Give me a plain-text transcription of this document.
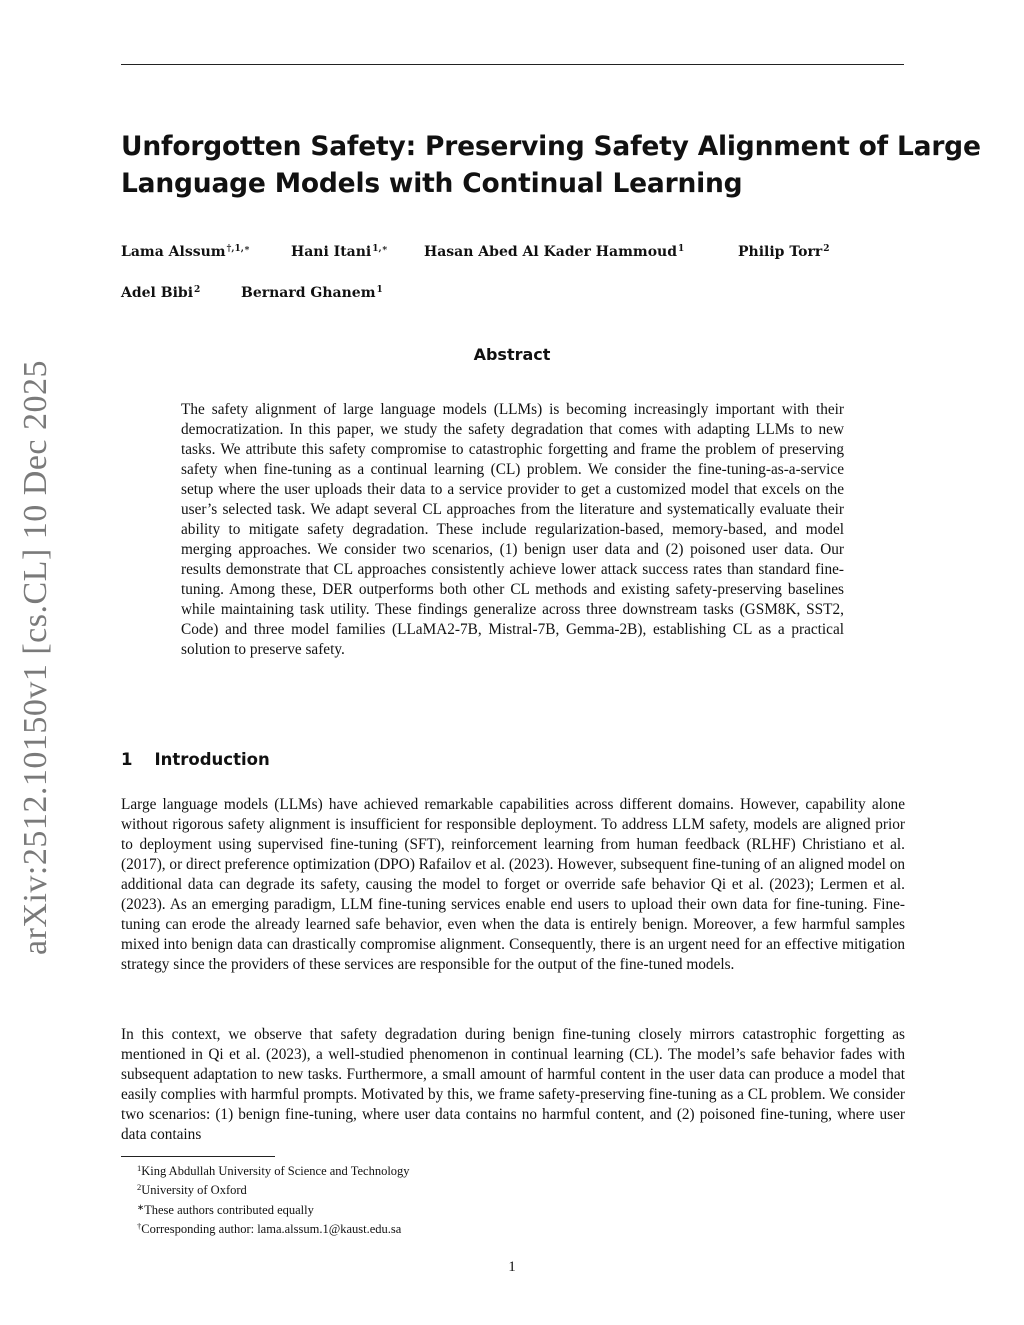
arXiv:2512.10150v1 [cs.CL] 10 Dec 2025
Unforgotten Safety: Preserving Safety Alignment of Large
Language Models with Continual Learning
Lama Alssum$^{\dagger,1,∗}$	Hani Itani$^{1,∗}$	Hasan Abed Al Kader Hammoud$^1$	Philip Torr$^2$
Adel Bibi$^2$	Bernard Ghanem$^1$
Abstract
The safety alignment of large language models (LLMs) is becoming increasingly important with their democratization. In this paper, we study the safety degradation that comes with adapting LLMs to new tasks. We attribute this safety compromise to catastrophic forgetting and frame the problem of preserving safety when fine-tuning as a continual learning (CL) problem. We consider the fine-tuning-as-a-service setup where the user uploads their data to a service provider to get a customized model that excels on the user’s selected task. We adapt several CL approaches from the literature and systematically evaluate their ability to mitigate safety degradation. These include regularization-based, memory-based, and model merging approaches. We consider two scenarios, (1) benign user data and (2) poisoned user data. Our results demonstrate that CL approaches consistently achieve lower attack success rates than standard fine-tuning. Among these, DER outperforms both other CL methods and existing safety-preserving baselines while maintaining task utility. These findings generalize across three downstream tasks (GSM8K, SST2, Code) and three model families (LLaMA2-7B, Mistral-7B, Gemma-2B), establishing CL as a practical solution to preserve safety.
1 Introduction
Large language models (LLMs) have achieved remarkable capabilities across different domains. However, capability alone without rigorous safety alignment is insufficient for responsible deployment. To address LLM safety, models are aligned prior to deployment using supervised fine-tuning (SFT), reinforcement learning from human feedback (RLHF) Christiano et al. (2017), or direct preference optimization (DPO) Rafailov et al. (2023). However, subsequent fine-tuning of an aligned model on additional data can degrade its safety, causing the model to forget or override safe behavior Qi et al. (2023); Lermen et al. (2023). As an emerging paradigm, LLM fine-tuning services enable end users to upload their own data for fine-tuning. Fine-tuning can erode the already learned safe behavior, even when the data is entirely benign. Moreover, a few harmful samples mixed into benign data can drastically compromise alignment. Consequently, there is an urgent need for an effective mitigation strategy since the providers of these services are responsible for the output of the fine-tuned models.
In this context, we observe that safety degradation during benign fine-tuning closely mirrors catastrophic forgetting as mentioned in Qi et al. (2023), a well-studied phenomenon in continual learning (CL). The model’s safe behavior fades with subsequent adaptation to new tasks. Furthermore, a small amount of harmful content in the user data can produce a model that easily complies with harmful prompts. Motivated by this, we frame safety-preserving fine-tuning as a CL problem. We consider two scenarios: (1) benign fine-tuning, where user data contains no harmful content, and (2) poisoned fine-tuning, where user data contains
$^1$King Abdullah University of Science and Technology
$^2$University of Oxford
∗These authors contributed equally
†Corresponding author: lama.alssum.1@kaust.edu.sa
1
